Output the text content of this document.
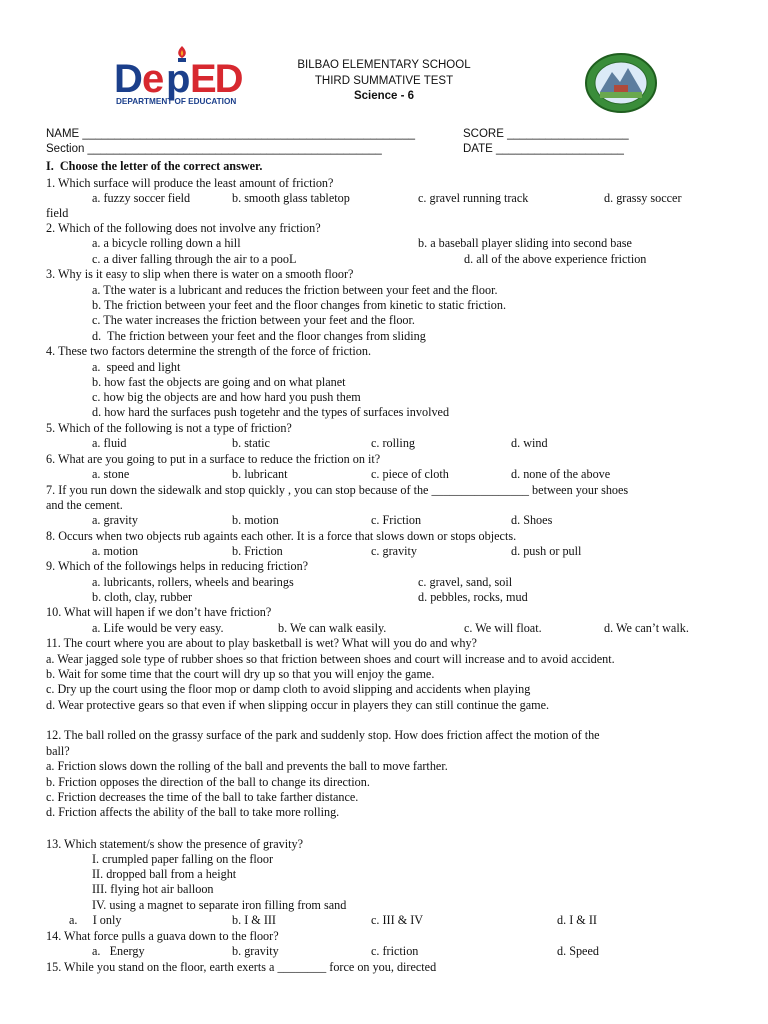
D e p ED
DEPARTMENT OF EDUCATION
BILBAO ELEMENTARY SCHOOL
THIRD SUMMATIVE TEST
Science - 6
NAME ____________________________________________________	SCORE ___________________
Section ______________________________________________	DATE ____________________
I.  Choose the letter of the correct answer.
1. Which surface will produce the least amount of friction?
a. fuzzy soccer field	b. smooth glass tabletop	c. gravel running track	d. grassy soccer
field
2. Which of the following does not involve any friction?
a. a bicycle rolling down a hill	b. a baseball player sliding into second base
c. a diver falling through the air to a pooL	d. all of the above experience friction
3. Why is it easy to slip when there is water on a smooth floor?
a. Tthe water is a lubricant and reduces the friction between your feet and the floor.
b. The friction between your feet and the floor changes from kinetic to static friction.
c. The water increases the friction between your feet and the floor.
d.  The friction between your feet and the floor changes from sliding
4. These two factors determine the strength of the force of friction.
a.  speed and light
b. how fast the objects are going and on what planet
c. how big the objects are and how hard you push them
d. how hard the surfaces push togetehr and the types of surfaces involved
5. Which of the following is not a type of friction?
a. fluid	b. static	c. rolling	d. wind
6. What are you going to put in a surface to reduce the friction on it?
a. stone	b. lubricant	c. piece of cloth	d. none of the above
7. If you run down the sidewalk and stop quickly , you can stop because of the ________________ between your shoes
and the cement.
a. gravity	b. motion	c. Friction	d. Shoes
8. Occurs when two objects rub againts each other. It is a force that slows down or stops objects.
a. motion	b. Friction	c. gravity	d. push or pull
9. Which of the followings helps in reducing friction?
a. lubricants, rollers, wheels and bearings	c. gravel, sand, soil
b. cloth, clay, rubber	d. pebbles, rocks, mud
10. What will hapen if we don’t have friction?
a. Life would be very easy.	b. We can walk easily.	c. We will float.	d. We can’t walk.
11. The court where you are about to play basketball is wet? What will you do and why?
a. Wear jagged sole type of rubber shoes so that friction between shoes and court will increase and to avoid accident.
b. Wait for some time that the court will dry up so that you will enjoy the game.
c. Dry up the court using the floor mop or damp cloth to avoid slipping and accidents when playing
d. Wear protective gears so that even if when slipping occur in players they can still continue the game.
12. The ball rolled on the grassy surface of the park and suddenly stop. How does friction affect the motion of the
ball?
a. Friction slows down the rolling of the ball and prevents the ball to move farther.
b. Friction opposes the direction of the ball to change its direction.
c. Friction decreases the time of the ball to take farther distance.
d. Friction affects the ability of the ball to take more rolling.
13. Which statement/s show the presence of gravity?
I. crumpled paper falling on the floor
II. dropped ball from a height
III. flying hot air balloon
IV. using a magnet to separate iron filling from sand
a.     I only	b. I & III	c. III & IV	d. I & II
14. What force pulls a guava down to the floor?
a.   Energy	b. gravity	c. friction	d. Speed
15. While you stand on the floor, earth exerts a ________ force on you, directed
